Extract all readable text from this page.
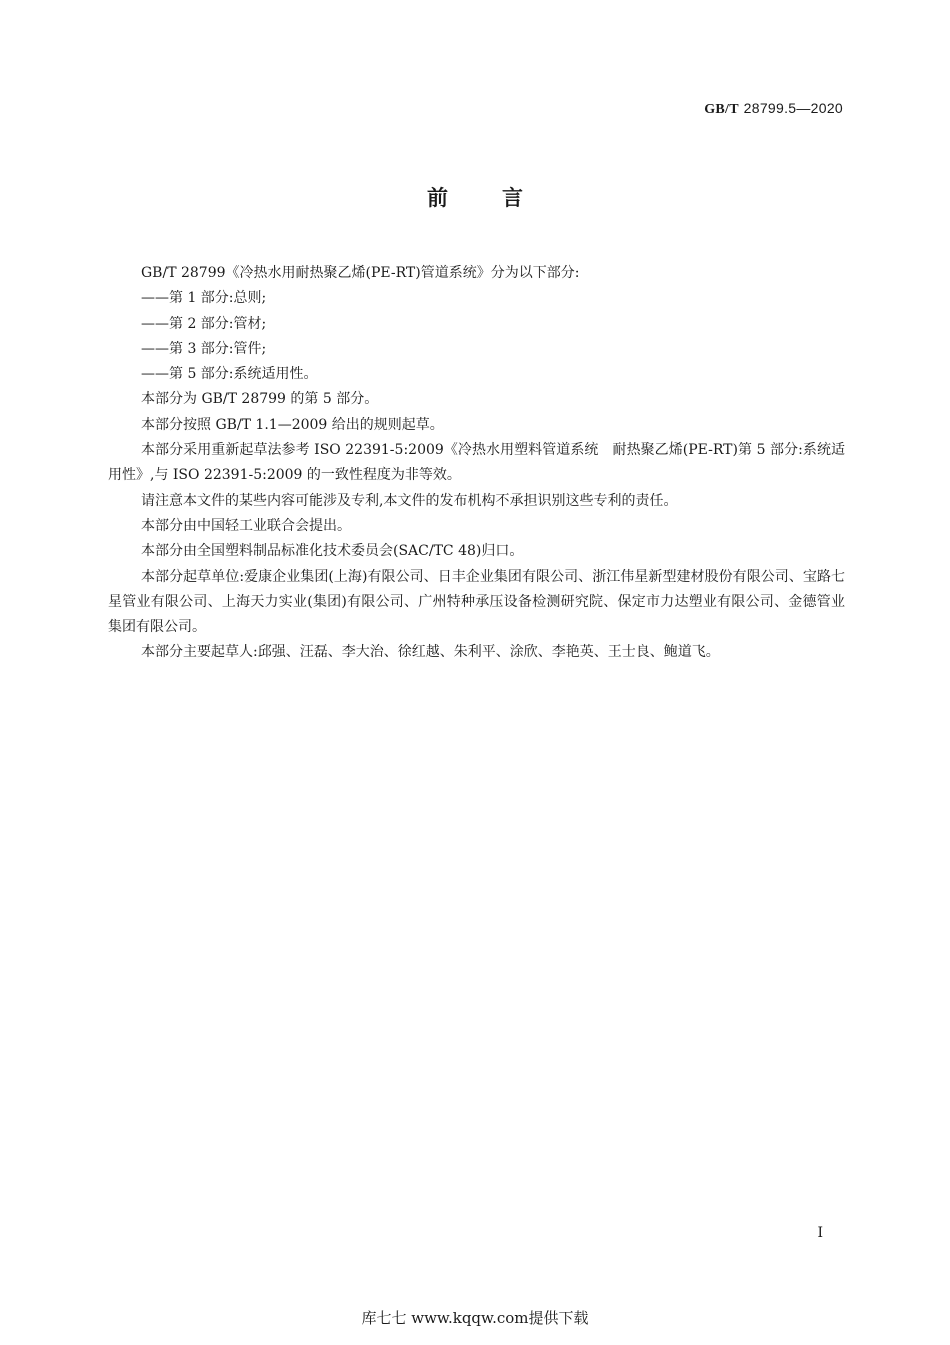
GB/T 28799.5—2020
前言

GB/T 28799《冷热水用耐热聚乙烯(PE-RT)管道系统》分为以下部分:

——第 1 部分:总则;

——第 2 部分:管材;

——第 3 部分:管件;

——第 5 部分:系统适用性。

本部分为 GB/T 28799 的第 5 部分。

本部分按照 GB/T 1.1—2009 给出的规则起草。

本部分采用重新起草法参考 ISO 22391-5:2009《冷热水用塑料管道系统　耐热聚乙烯(PE-RT)第 5 部分:系统适用性》,与 ISO 22391-5:2009 的一致性程度为非等效。

请注意本文件的某些内容可能涉及专利,本文件的发布机构不承担识别这些专利的责任。

本部分由中国轻工业联合会提出。

本部分由全国塑料制品标准化技术委员会(SAC/TC 48)归口。

本部分起草单位:爱康企业集团(上海)有限公司、日丰企业集团有限公司、浙江伟星新型建材股份有限公司、宝路七星管业有限公司、上海天力实业(集团)有限公司、广州特种承压设备检测研究院、保定市力达塑业有限公司、金德管业集团有限公司。

本部分主要起草人:邱强、汪磊、李大治、徐红越、朱利平、涂欣、李艳英、王士良、鲍道飞。

I
库七七 www.kqqw.com提供下载
